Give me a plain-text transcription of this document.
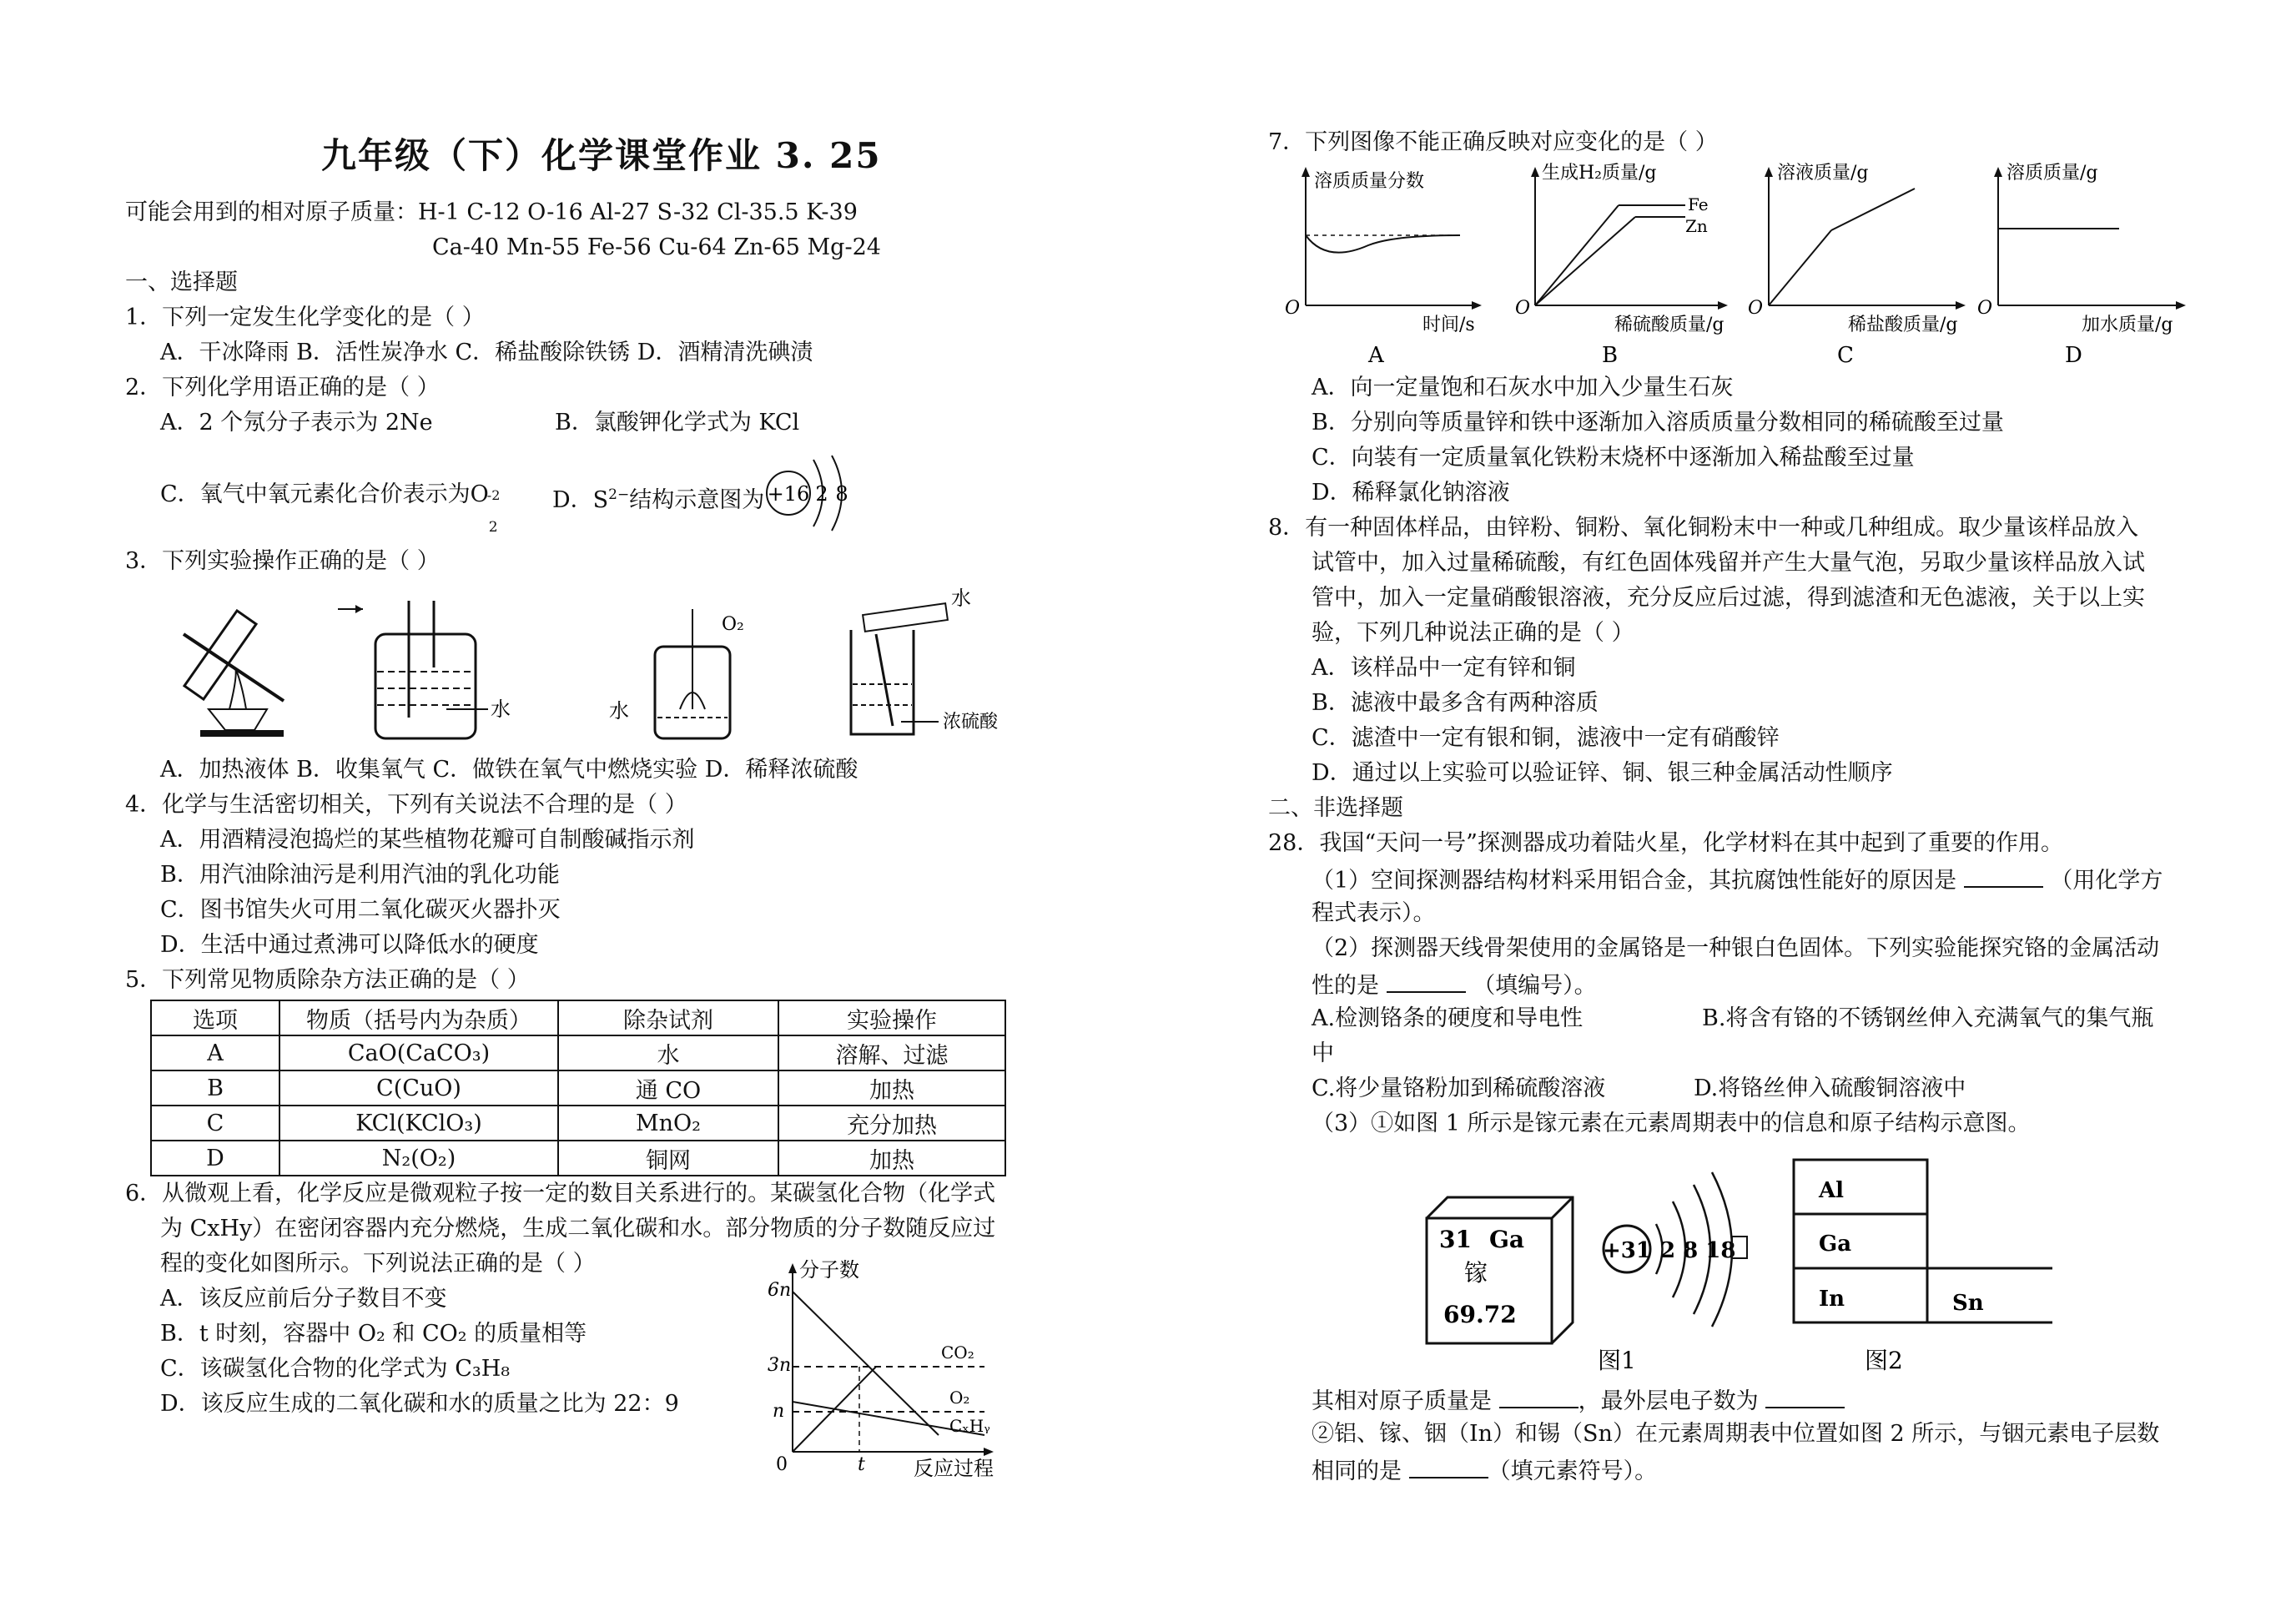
九年级（下）化学课堂作业 3. 25
可能会用到的相对原子质量：H-1 C-12 O-16 Al-27 S-32 Cl-35.5 K-39
Ca-40 Mn-55 Fe-56 Cu-64 Zn-65 Mg-24
一、选择题
1．下列一定发生化学变化的是（ ）
A．干冰降雨 B．活性炭净水 C．稀盐酸除铁锈 D．酒精清洗碘渍
2．下列化学用语正确的是（ ）
A．2 个氖分子表示为 2Ne	B．氯酸钾化学式为 KCl
C．氧气中氧元素化合价表示为O
-2
2
D．$S^{2-}$结构示意图为 +16 2 8
3．下列实验操作正确的是（ ）
水
O₂
水
水
浓硫酸
A．加热液体 B．收集氧气 C．做铁在氧气中燃烧实验 D．稀释浓硫酸
4．化学与生活密切相关，下列有关说法不合理的是（ ）
A．用酒精浸泡捣烂的某些植物花瓣可自制酸碱指示剂
B．用汽油除油污是利用汽油的乳化功能
C．图书馆失火可用二氧化碳灭火器扑灭
D．生活中通过煮沸可以降低水的硬度
5．下列常见物质除杂方法正确的是（ ）
选项	物质（括号内为杂质）	除杂试剂	实验操作
A	CaO(CaCO₃)	水	溶解、过滤
B	C(CuO)	通 CO	加热
C	KCl(KClO₃)	MnO₂	充分加热
D	N₂(O₂)	铜网	加热
6．从微观上看，化学反应是微观粒子按一定的数目关系进行的。某碳氢化合物（化学式
为 CxHy）在密闭容器内充分燃烧，生成二氧化碳和水。部分物质的分子数随反应过
程的变化如图所示。下列说法正确的是（ ）
A．该反应前后分子数目不变
B．t 时刻，容器中 O₂ 和 CO₂ 的质量相等
C．该碳氢化合物的化学式为 C₃H₈
D．该反应生成的二氧化碳和水的质量之比为 22：9
分子数
6n
3n
n
0	t
CO₂
O₂
CₓHᵧ
反应过程
7．下列图像不能正确反映对应变化的是（ ）
溶质质量分数
O
时间/s
A
生成H₂质量/g
O
Fe
Zn
稀硫酸质量/g
B
溶液质量/g
O
稀盐酸质量/g
C
溶质质量/g
O
加水质量/g
D
A．向一定量饱和石灰水中加入少量生石灰
B．分别向等质量锌和铁中逐渐加入溶质质量分数相同的稀硫酸至过量
C．向装有一定质量氧化铁粉末烧杯中逐渐加入稀盐酸至过量
D．稀释氯化钠溶液
8．有一种固体样品，由锌粉、铜粉、氧化铜粉末中一种或几种组成。取少量该样品放入
试管中，加入过量稀硫酸，有红色固体残留并产生大量气泡，另取少量该样品放入试
管中，加入一定量硝酸银溶液，充分反应后过滤，得到滤渣和无色滤液，关于以上实
验，下列几种说法正确的是（ ）
A．该样品中一定有锌和铜
B．滤液中最多含有两种溶质
C．滤渣中一定有银和铜，滤液中一定有硝酸锌
D．通过以上实验可以验证锌、铜、银三种金属活动性顺序
二、非选择题
28．我国“天问一号”探测器成功着陆火星，化学材料在其中起到了重要的作用。
（1）空间探测器结构材料采用铝合金，其抗腐蚀性能好的原因是	（用化学方
程式表示）。
（2）探测器天线骨架使用的金属铬是一种银白色固体。下列实验能探究铬的金属活动
性的是	（填编号）。
A.检测铬条的硬度和导电性	B.将含有铬的不锈钢丝伸入充满氧气的集气瓶
中
C.将少量铬粉加到稀硫酸溶液	D.将铬丝伸入硫酸铜溶液中
（3）①如图 1 所示是镓元素在元素周期表中的信息和原子结构示意图。
31 Ga
镓
69.72
图1
+31 2 8 18
Al
Ga
In	Sn
图2
其相对原子质量是	，最外层电子数为
②铝、镓、铟（In）和锡（Sn）在元素周期表中位置如图 2 所示，与铟元素电子层数
相同的是	（填元素符号）。
